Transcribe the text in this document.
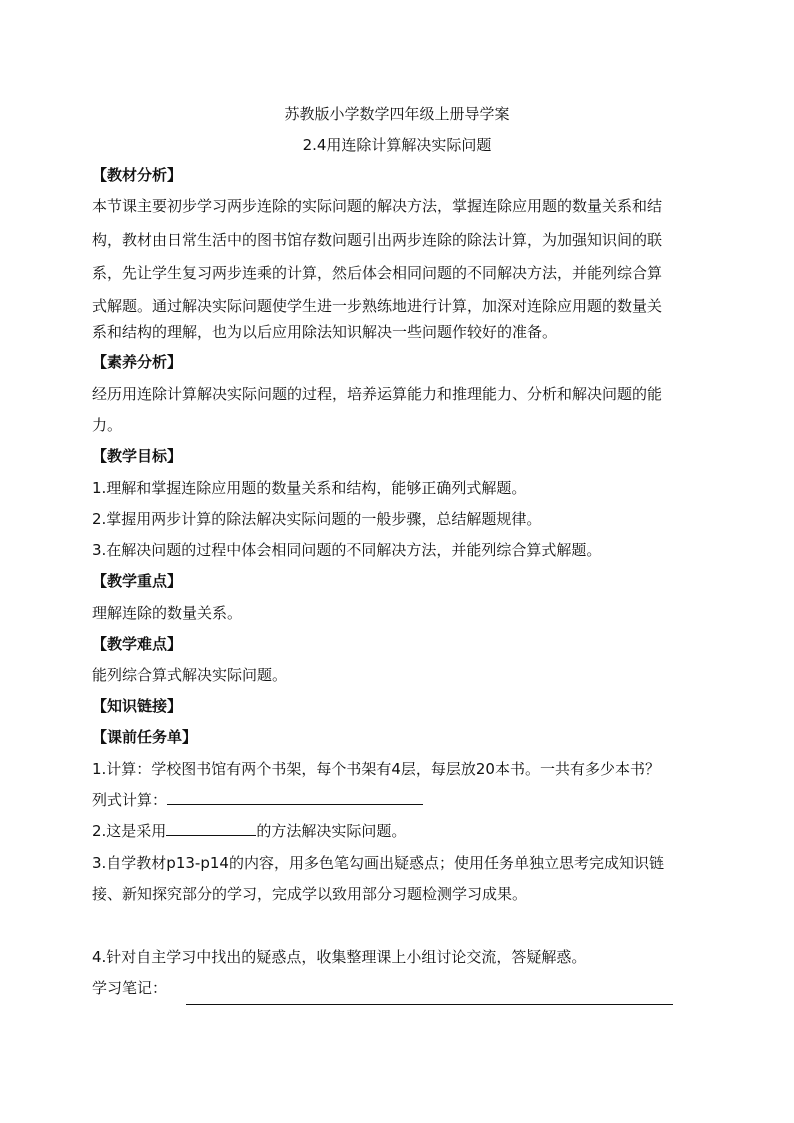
苏教版小学数学四年级上册导学案
2.4用连除计算解决实际问题
【教材分析】
本节课主要初步学习两步连除的实际问题的解决方法，掌握连除应用题的数量关系和结
构，教材由日常生活中的图书馆存数问题引出两步连除的除法计算，为加强知识间的联
系，先让学生复习两步连乘的计算，然后体会相同问题的不同解决方法，并能列综合算
式解题。通过解决实际问题使学生进一步熟练地进行计算，加深对连除应用题的数量关
系和结构的理解，也为以后应用除法知识解决一些问题作较好的准备。
【素养分析】
经历用连除计算解决实际问题的过程，培养运算能力和推理能力、分析和解决问题的能
力。
【教学目标】
1.理解和掌握连除应用题的数量关系和结构，能够正确列式解题。
2.掌握用两步计算的除法解决实际问题的一般步骤，总结解题规律。
3.在解决问题的过程中体会相同问题的不同解决方法，并能列综合算式解题。
【教学重点】
理解连除的数量关系。
【教学难点】
能列综合算式解决实际问题。
【知识链接】
【课前任务单】
1.计算：学校图书馆有两个书架，每个书架有4层，每层放20本书。一共有多少本书？
列式计算：
2.这是采用	的方法解决实际问题。
3.自学教材p13-p14的内容，用多色笔勾画出疑惑点；使用任务单独立思考完成知识链
接、新知探究部分的学习，完成学以致用部分习题检测学习成果。
4.针对自主学习中找出的疑惑点，收集整理课上小组讨论交流，答疑解惑。
学习笔记：
